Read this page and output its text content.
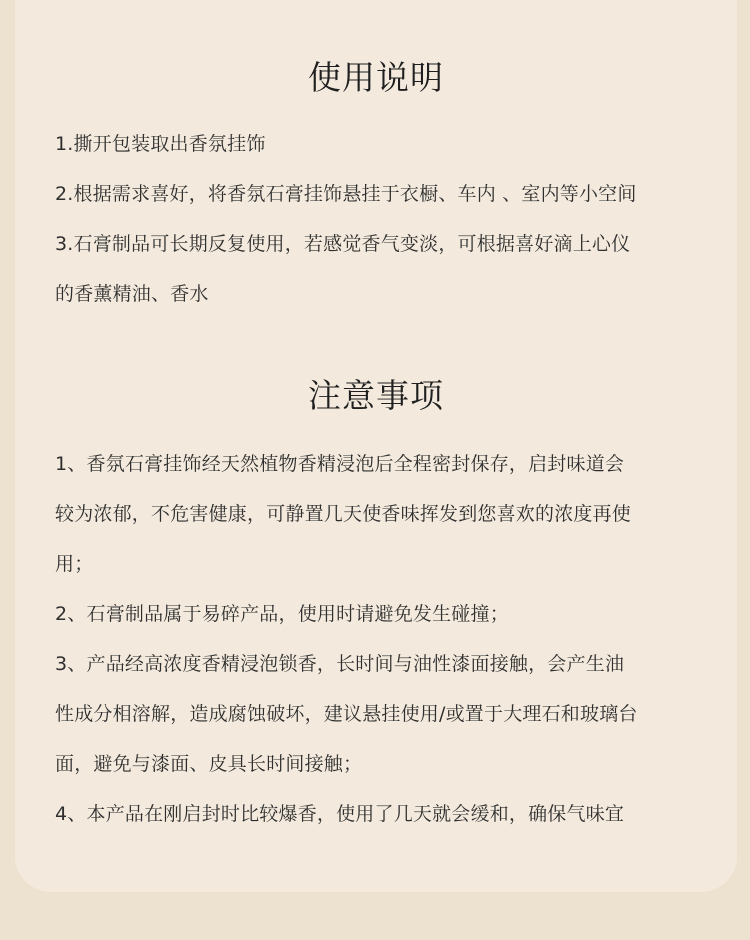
使用说明
1.撕开包装取出香氛挂饰
2.根据需求喜好，将香氛石膏挂饰悬挂于衣橱、车内 、室内等小空间
3.石膏制品可长期反复使用，若感觉香气变淡，可根据喜好滴上心仪
的香薰精油、香水
注意事项
1、香氛石膏挂饰经天然植物香精浸泡后全程密封保存，启封味道会
较为浓郁，不危害健康，可静置几天使香味挥发到您喜欢的浓度再使
用；
2、石膏制品属于易碎产品，使用时请避免发生碰撞；
3、产品经高浓度香精浸泡锁香，长时间与油性漆面接触，会产生油
性成分相溶解，造成腐蚀破坏，建议悬挂使用/或置于大理石和玻璃台
面，避免与漆面、皮具长时间接触；
4、本产品在刚启封时比较爆香，使用了几天就会缓和，确保气味宜
